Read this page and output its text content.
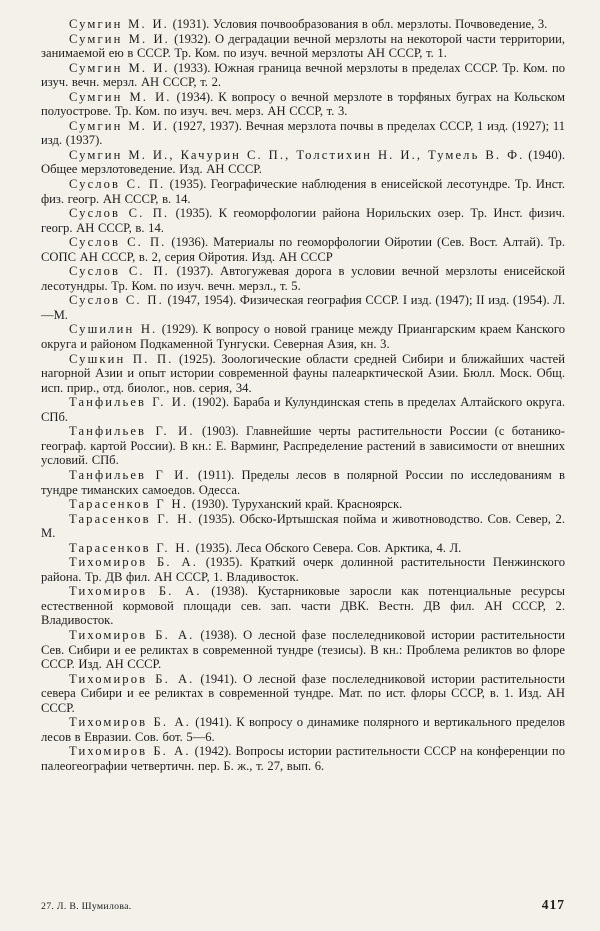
Сумгин М. И. (1931). Условия почвообразования в обл. мерзлоты. Почвоведение, 3.

Сумгин М. И. (1932). О деградации вечной мерзлоты на некоторой части территории, занимаемой ею в СССР. Тр. Ком. по изуч. вечной мерзлоты АН СССР, т. 1.

Сумгин М. И. (1933). Южная граница вечной мерзлоты в пределах СССР. Тр. Ком. по изуч. вечн. мерзл. АН СССР, т. 2.

Сумгин М. И. (1934). К вопросу о вечной мерзлоте в торфяных буграх на Кольском полуострове. Тр. Ком. по изуч. веч. мерз. АН СССР, т. 3.

Сумгин М. И. (1927, 1937). Вечная мерзлота почвы в пределах СССР, 1 изд. (1927); 11 изд. (1937).

Сумгин М. И., Качурин С. П., Толстихин Н. И., Тумель В. Ф. (1940). Общее мерзлотоведение. Изд. АН СССР.

Суслов С. П. (1935). Географические наблюдения в енисейской лесотундре. Тр. Инст. физ. геогр. АН СССР, в. 14.

Суслов С. П. (1935). К геоморфологии района Норильских озер. Тр. Инст. физич. геогр. АН СССР, в. 14.

Суслов С. П. (1936). Материалы по геоморфологии Ойротии (Сев. Вост. Алтай). Тр. СОПС АН СССР, в. 2, серия Ойротия. Изд. АН СССР

Суслов С. П. (1937). Автогужевая дорога в условии вечной мерзлоты енисейской лесотундры. Тр. Ком. по изуч. вечн. мерзл., т. 5.

Суслов С. П. (1947, 1954). Физическая география СССР. I изд. (1947); II изд. (1954). Л.—М.

Сушилин Н. (1929). К вопросу о новой границе между Приангарским краем Канского округа и районом Подкаменной Тунгуски. Северная Азия, кн. 3.

Сушкин П. П. (1925). Зоологические области средней Сибири и ближайших частей нагорной Азии и опыт истории современной фауны палеарктической Азии. Бюлл. Моск. Общ. исп. прир., отд. биолог., нов. серия, 34.

Танфильев Г. И. (1902). Бараба и Кулундинская степь в пределах Алтайского округа. СПб.

Танфильев Г. И. (1903). Главнейшие черты растительности России (с ботанико-географ. картой России). В кн.: Е. Варминг, Распределение растений в зависимости от внешних условий. СПб.

Танфильев Г И. (1911). Пределы лесов в полярной России по исследованиям в тундре тиманских самоедов. Одесса.

Тарасенков Г Н. (1930). Туруханский край. Красноярск.

Тарасенков Г. Н. (1935). Обско-Иртышская пойма и животноводство. Сов. Север, 2. М.

Тарасенков Г. Н. (1935). Леса Обского Севера. Сов. Арктика, 4. Л.

Тихомиров Б. А. (1935). Краткий очерк долинной растительности Пенжинского района. Тр. ДВ фил. АН СССР, 1. Владивосток.

Тихомиров Б. А. (1938). Кустарниковые заросли как потенциальные ресурсы естественной кормовой площади сев. зап. части ДВК. Вестн. ДВ фил. АН СССР, 2. Владивосток.

Тихомиров Б. А. (1938). О лесной фазе послеледниковой истории растительности Сев. Сибири и ее реликтах в современной тундре (тезисы). В кн.: Проблема реликтов во флоре СССР. Изд. АН СССР.

Тихомиров Б. А. (1941). О лесной фазе послеледниковой истории растительности севера Сибири и ее реликтах в современной тундре. Мат. по ист. флоры СССР, в. 1. Изд. АН СССР.

Тихомиров Б. А. (1941). К вопросу о динамике полярного и вертикального пределов лесов в Евразии. Сов. бот. 5—6.

Тихомиров Б. А. (1942). Вопросы истории растительности СССР на конференции по палеогеографии четвертичн. пер. Б. ж., т. 27, вып. 6.

27. Л. В. Шумилова.	417
